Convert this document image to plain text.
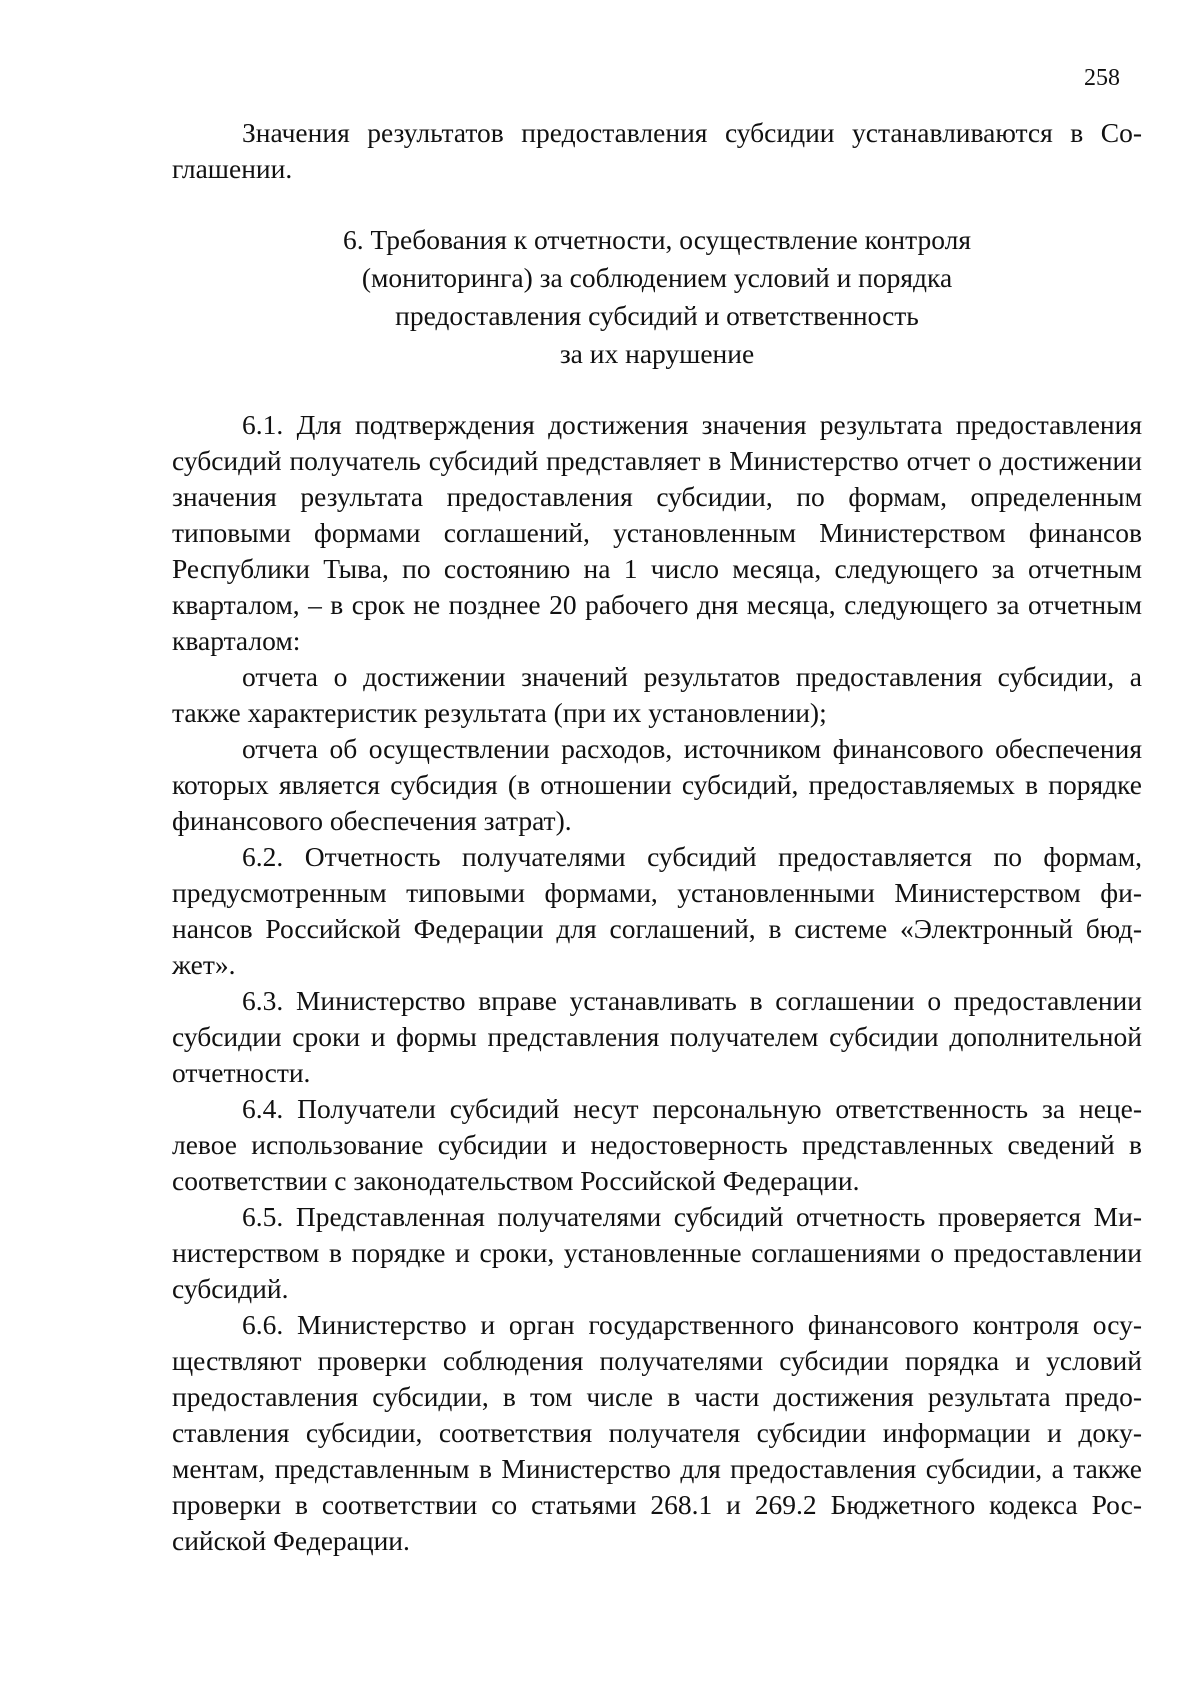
258

Значения результатов предоставления субсидии устанавливаются в Соглашении.

6. Требования к отчетности, осуществление контроля
(мониторинга) за соблюдением условий и порядка
предоставления субсидий и ответственность
за их нарушение

6.1. Для подтверждения достижения значения результата предоставления субсидий получатель субсидий представляет в Министерство отчет о достижении значения результата предоставления субсидии, по формам, определенным типовыми формами соглашений, установленным Министерством финансов Республики Тыва, по состоянию на 1 число месяца, следующего за отчетным кварталом, – в срок не позднее 20 рабочего дня месяца, следующего за отчетным кварталом:

отчета о достижении значений результатов предоставления субсидии, а также характеристик результата (при их установлении);

отчета об осуществлении расходов, источником финансового обеспечения которых является субсидия (в отношении субсидий, предоставляемых в порядке финансового обеспечения затрат).

6.2. Отчетность получателями субсидий предоставляется по формам, предусмотренным типовыми формами, установленными Министерством финансов Российской Федерации для соглашений, в системе «Электронный бюджет».

6.3. Министерство вправе устанавливать в соглашении о предоставлении субсидии сроки и формы представления получателем субсидии дополнительной отчетности.

6.4. Получатели субсидий несут персональную ответственность за нецелевое использование субсидии и недостоверность представленных сведений в соответствии с законодательством Российской Федерации.

6.5. Представленная получателями субсидий отчетность проверяется Министерством в порядке и сроки, установленные соглашениями о предоставлении субсидий.

6.6. Министерство и орган государственного финансового контроля осуществляют проверки соблюдения получателями субсидии порядка и условий предоставления субсидии, в том числе в части достижения результата предоставления субсидии, соответствия получателя субсидии информации и документам, представленным в Министерство для предоставления субсидии, а также проверки в соответствии со статьями 268.1 и 269.2 Бюджетного кодекса Российской Федерации.
